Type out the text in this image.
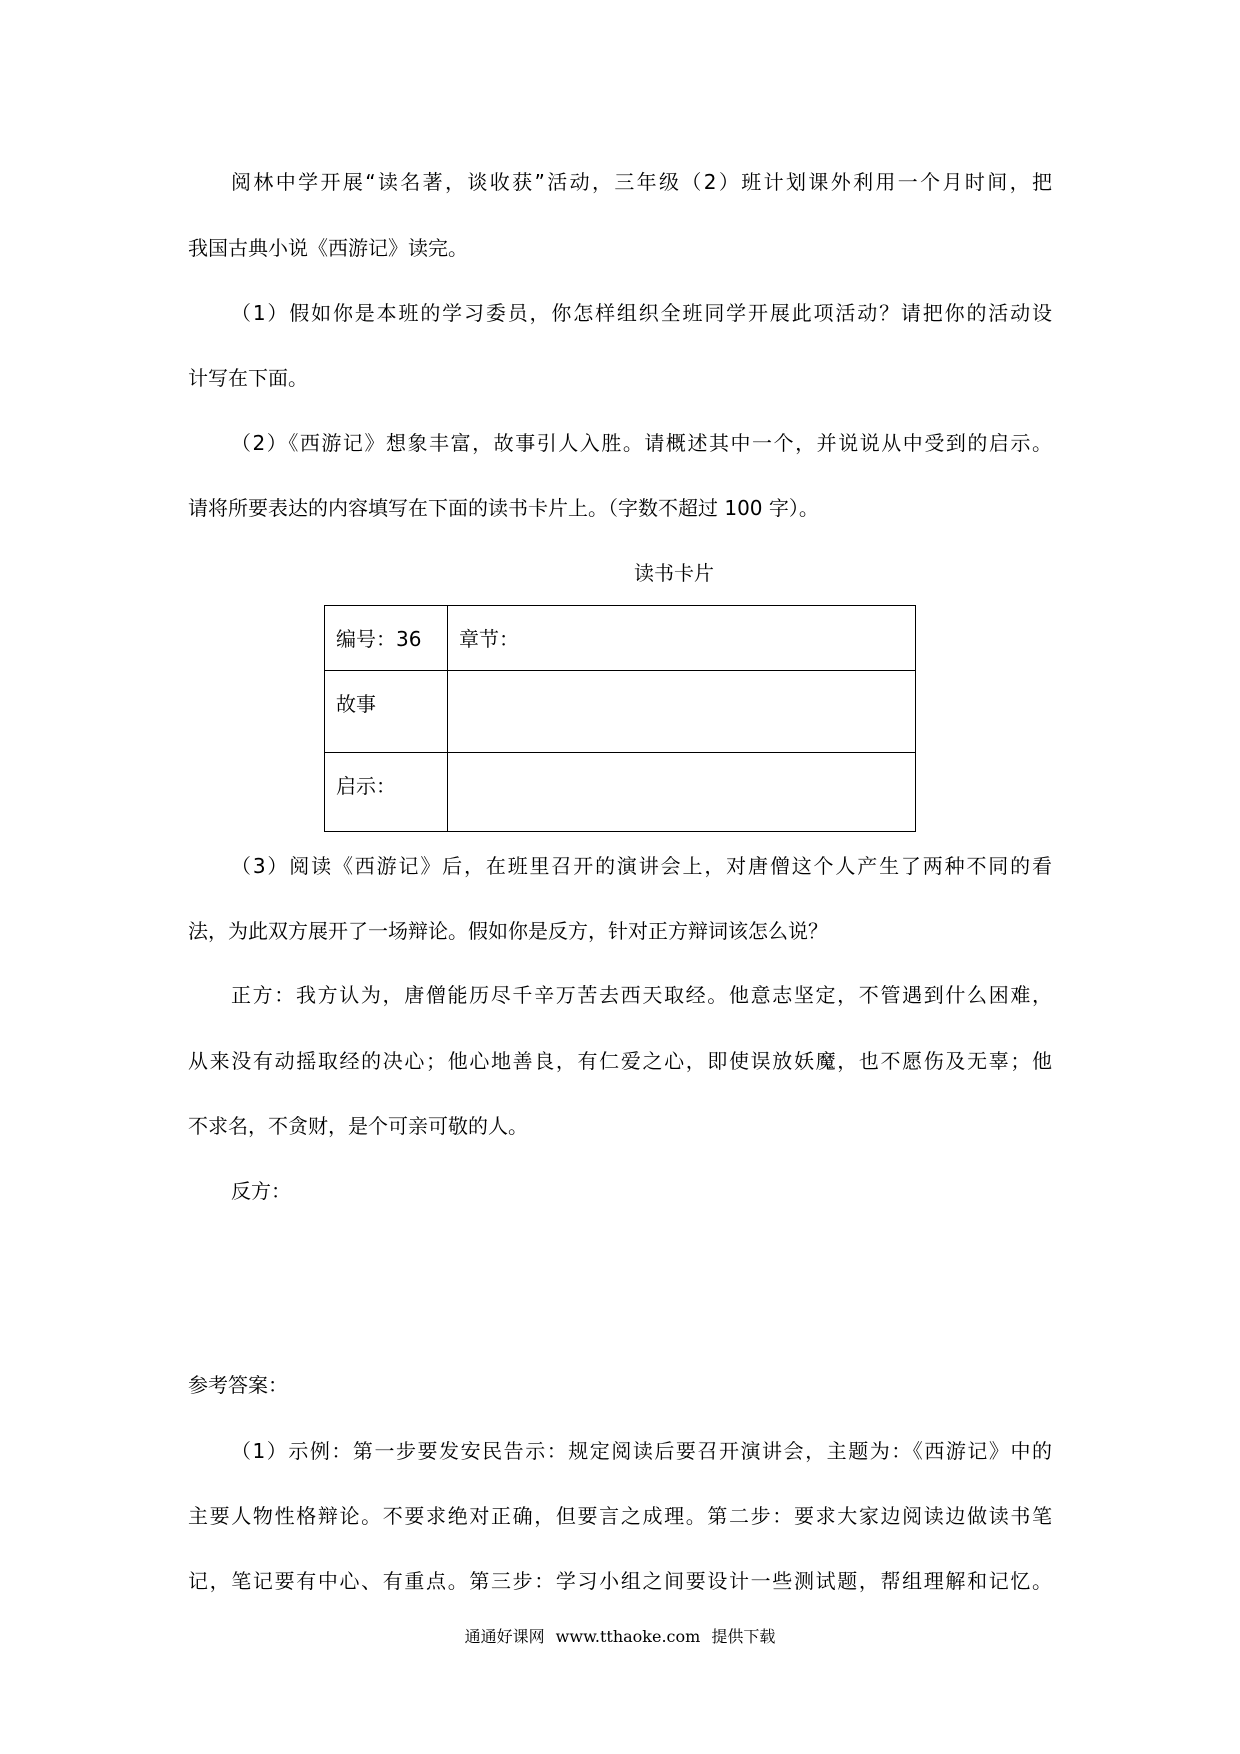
阅林中学开展“读名著，谈收获”活动，三年级（2）班计划课外利用一个月时间，把
我国古典小说《西游记》读完。
（1）假如你是本班的学习委员，你怎样组织全班同学开展此项活动？请把你的活动设
计写在下面。
（2）《西游记》想象丰富，故事引人入胜。请概述其中一个，并说说从中受到的启示。
请将所要表达的内容填写在下面的读书卡片上。（字数不超过 100 字）。
读书卡片
编号：36	章节：
故事	
启示：	
（3）阅读《西游记》后，在班里召开的演讲会上，对唐僧这个人产生了两种不同的看
法，为此双方展开了一场辩论。假如你是反方，针对正方辩词该怎么说？
正方：我方认为，唐僧能历尽千辛万苦去西天取经。他意志坚定，不管遇到什么困难，
从来没有动摇取经的决心；他心地善良，有仁爱之心，即使误放妖魔，也不愿伤及无辜；他
不求名，不贪财，是个可亲可敬的人。
反方：
参考答案：
（1）示例：第一步要发安民告示：规定阅读后要召开演讲会，主题为：《西游记》中的
主要人物性格辩论。不要求绝对正确，但要言之成理。第二步：要求大家边阅读边做读书笔
记，笔记要有中心、有重点。第三步：学习小组之间要设计一些测试题，帮组理解和记忆。
通通好课网 www.tthaoke.com 提供下载
